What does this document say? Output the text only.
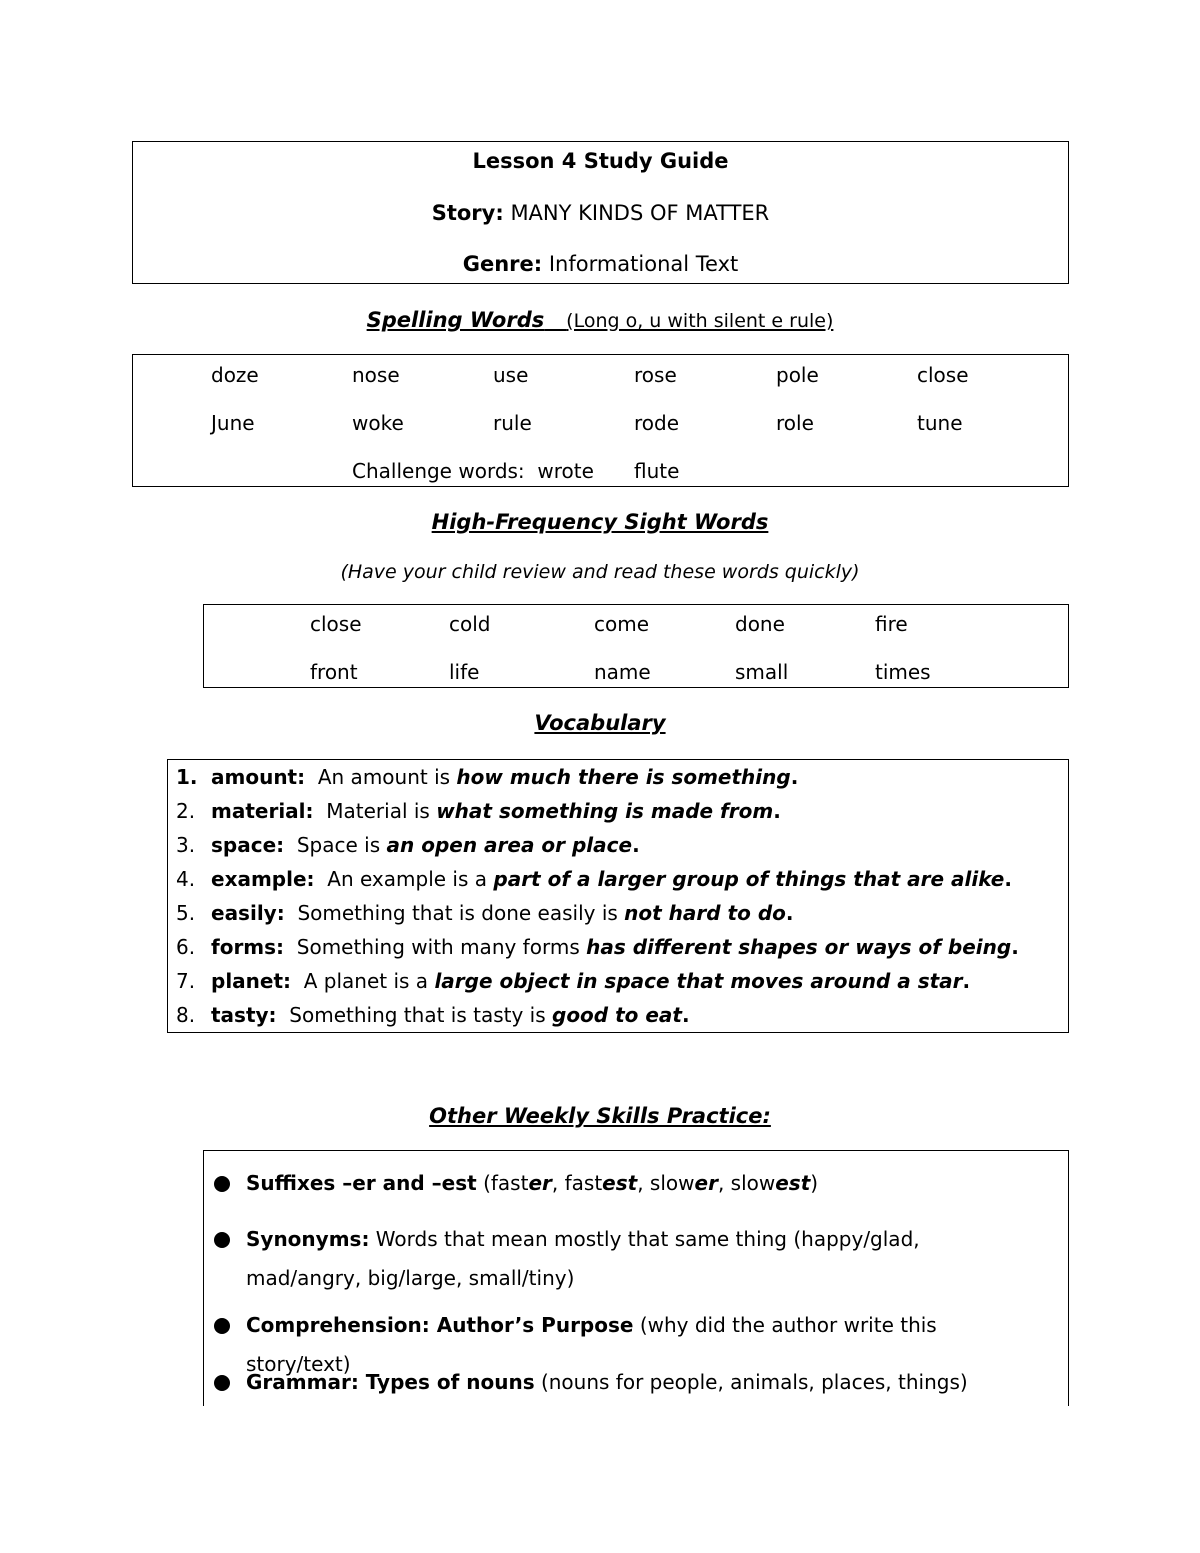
Lesson 4 Study Guide
Story: MANY KINDS OF MATTER
Genre: Informational Text
Spelling Words (Long o, u with silent e rule)
doze	nose	use	rose	pole	close
June	woke	rule	rode	role	tune
Challenge words: wrote flute
High-Frequency Sight Words
(Have your child review and read these words quickly)
close	cold	come	done	fire
front	life	name	small	times
Vocabulary
1. amount: An amount is how much there is something.
2. material: Material is what something is made from.
3. space: Space is an open area or place.
4. example: An example is a part of a larger group of things that are alike.
5. easily: Something that is done easily is not hard to do.
6. forms: Something with many forms has different shapes or ways of being.
7. planet: A planet is a large object in space that moves around a star.
8. tasty: Something that is tasty is good to eat.
Other Weekly Skills Practice:
Suffixes –er and –est (faster, fastest, slower, slowest)
Synonyms: Words that mean mostly that same thing (happy/glad, mad/angry, big/large, small/tiny)
Comprehension: Author’s Purpose (why did the author write this story/text)
Grammar: Types of nouns (nouns for people, animals, places, things)
